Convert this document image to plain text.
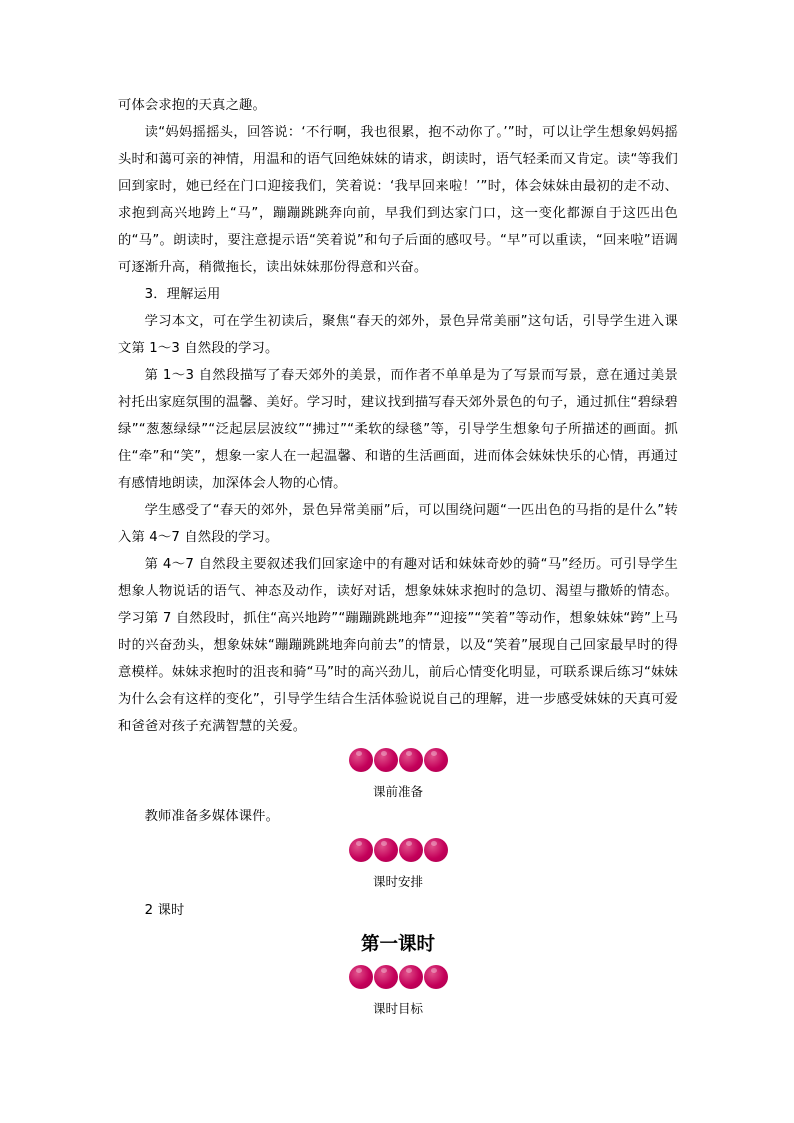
可体会求抱的天真之趣。

读“妈妈摇摇头，回答说：‘不行啊，我也很累，抱不动你了。’”时，可以让学生想象妈妈摇头时和蔼可亲的神情，用温和的语气回绝妹妹的请求，朗读时，语气轻柔而又肯定。读“等我们回到家时，她已经在门口迎接我们，笑着说：‘我早回来啦！’”时，体会妹妹由最初的走不动、求抱到高兴地跨上“马”，蹦蹦跳跳奔向前，早我们到达家门口，这一变化都源自于这匹出色的“马”。朗读时，要注意提示语“笑着说”和句子后面的感叹号。“早”可以重读，“回来啦”语调可逐渐升高，稍微拖长，读出妹妹那份得意和兴奋。

3．理解运用

学习本文，可在学生初读后，聚焦“春天的郊外，景色异常美丽”这句话，引导学生进入课文第 1～3 自然段的学习。

第 1～3 自然段描写了春天郊外的美景，而作者不单单是为了写景而写景，意在通过美景衬托出家庭氛围的温馨、美好。学习时，建议找到描写春天郊外景色的句子，通过抓住“碧绿碧绿”“葱葱绿绿”“泛起层层波纹”“拂过”“柔软的绿毯”等，引导学生想象句子所描述的画面。抓住“牵”和“笑”，想象一家人在一起温馨、和谐的生活画面，进而体会妹妹快乐的心情，再通过有感情地朗读，加深体会人物的心情。

学生感受了“春天的郊外，景色异常美丽”后，可以围绕问题“一匹出色的马指的是什么”转入第 4～7 自然段的学习。

第 4～7 自然段主要叙述我们回家途中的有趣对话和妹妹奇妙的骑“马”经历。可引导学生想象人物说话的语气、神态及动作，读好对话，想象妹妹求抱时的急切、渴望与撒娇的情态。学习第 7 自然段时，抓住“高兴地跨”“蹦蹦跳跳地奔”“迎接”“笑着”等动作，想象妹妹“跨”上马时的兴奋劲头，想象妹妹“蹦蹦跳跳地奔向前去”的情景，以及“笑着”展现自己回家最早时的得意模样。妹妹求抱时的沮丧和骑“马”时的高兴劲儿，前后心情变化明显，可联系课后练习“妹妹为什么会有这样的变化”，引导学生结合生活体验说说自己的理解，进一步感受妹妹的天真可爱和爸爸对孩子充满智慧的关爱。

课前准备

教师准备多媒体课件。

课时安排

2 课时

第一课时
课时目标
